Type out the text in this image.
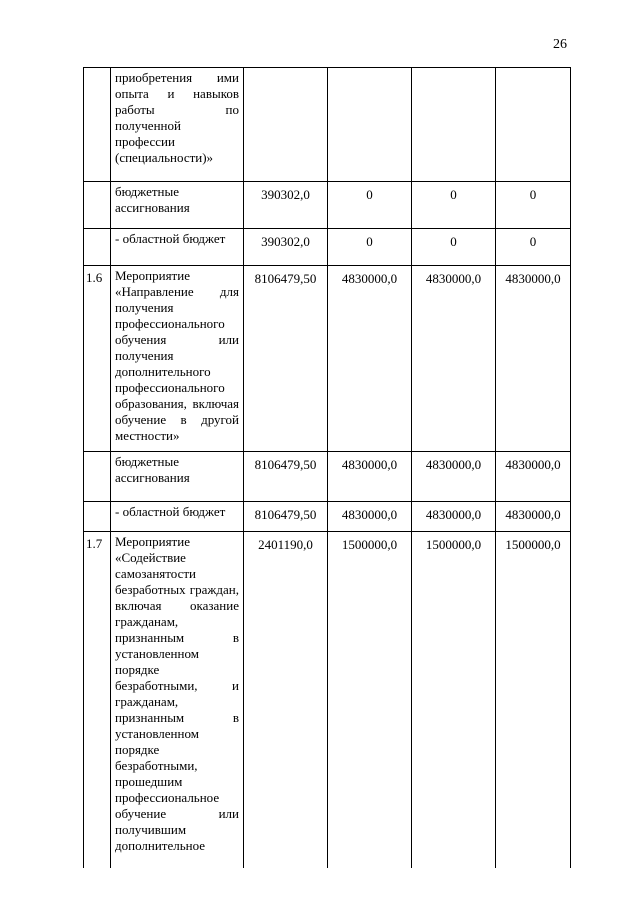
26

	приобретения ими опыта и навыков работы по полученной профессии (специальности)»				

	бюджетные ассигнования	390302,0	0	0	0

	- областной бюджет	390302,0	0	0	0
1.6	Мероприятие «Направление для получения профессионального обучения или получения дополнительного профессионального образования, включая обучение в другой местности»	8106479,50	4830000,0	4830000,0	4830000,0

	бюджетные ассигнования	8106479,50	4830000,0	4830000,0	4830000,0

	- областной бюджет	8106479,50	4830000,0	4830000,0	4830000,0
1.7	Мероприятие «Содействие самозанятости безработных граждан, включая оказание гражданам, признанным в установленном порядке безработными, и гражданам, признанным в установленном порядке безработными, прошедшим профессиональное обучение или получившим дополнительное	2401190,0	1500000,0	1500000,0	1500000,0
